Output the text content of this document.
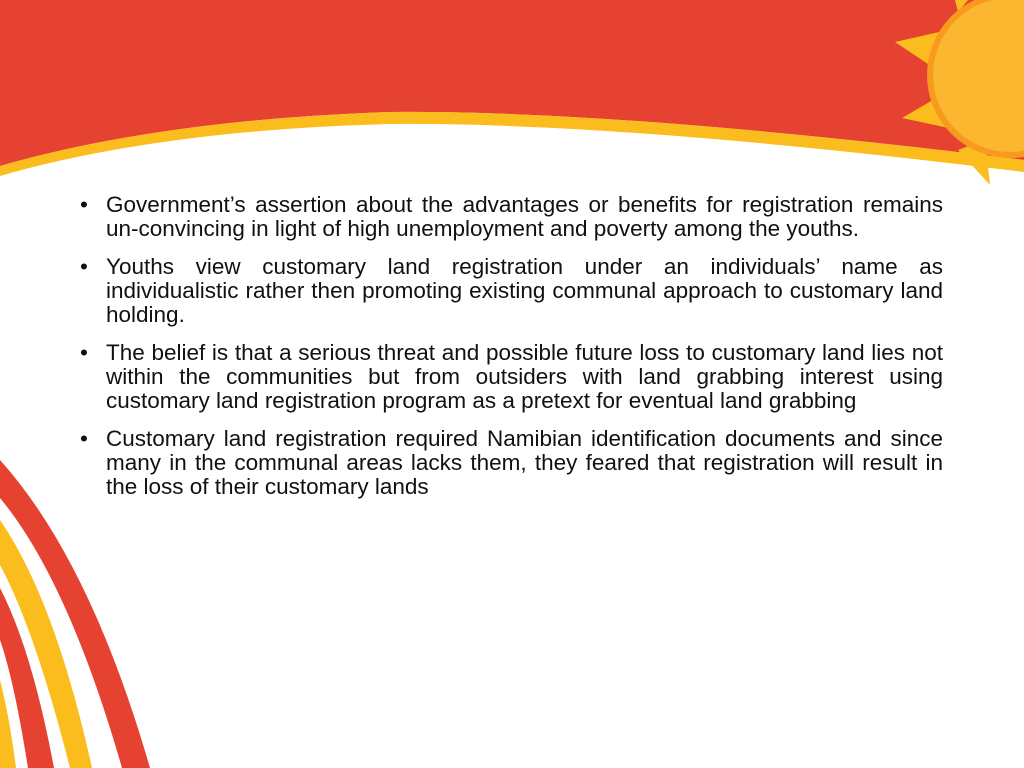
• Government’s assertion about the advantages or benefits for registration remains un-convincing in light of high unemployment and poverty among the youths.
• Youths view customary land registration under an individuals’ name as individualistic rather then promoting existing communal approach to customary land holding.
• The belief is that a serious threat and possible future loss to customary land lies not within the communities but from outsiders with land grabbing interest using customary land registration program as a pretext for eventual land grabbing
• Customary land registration required Namibian identification documents and since many in the communal areas lacks them, they feared that registration will result in the loss of their customary lands
